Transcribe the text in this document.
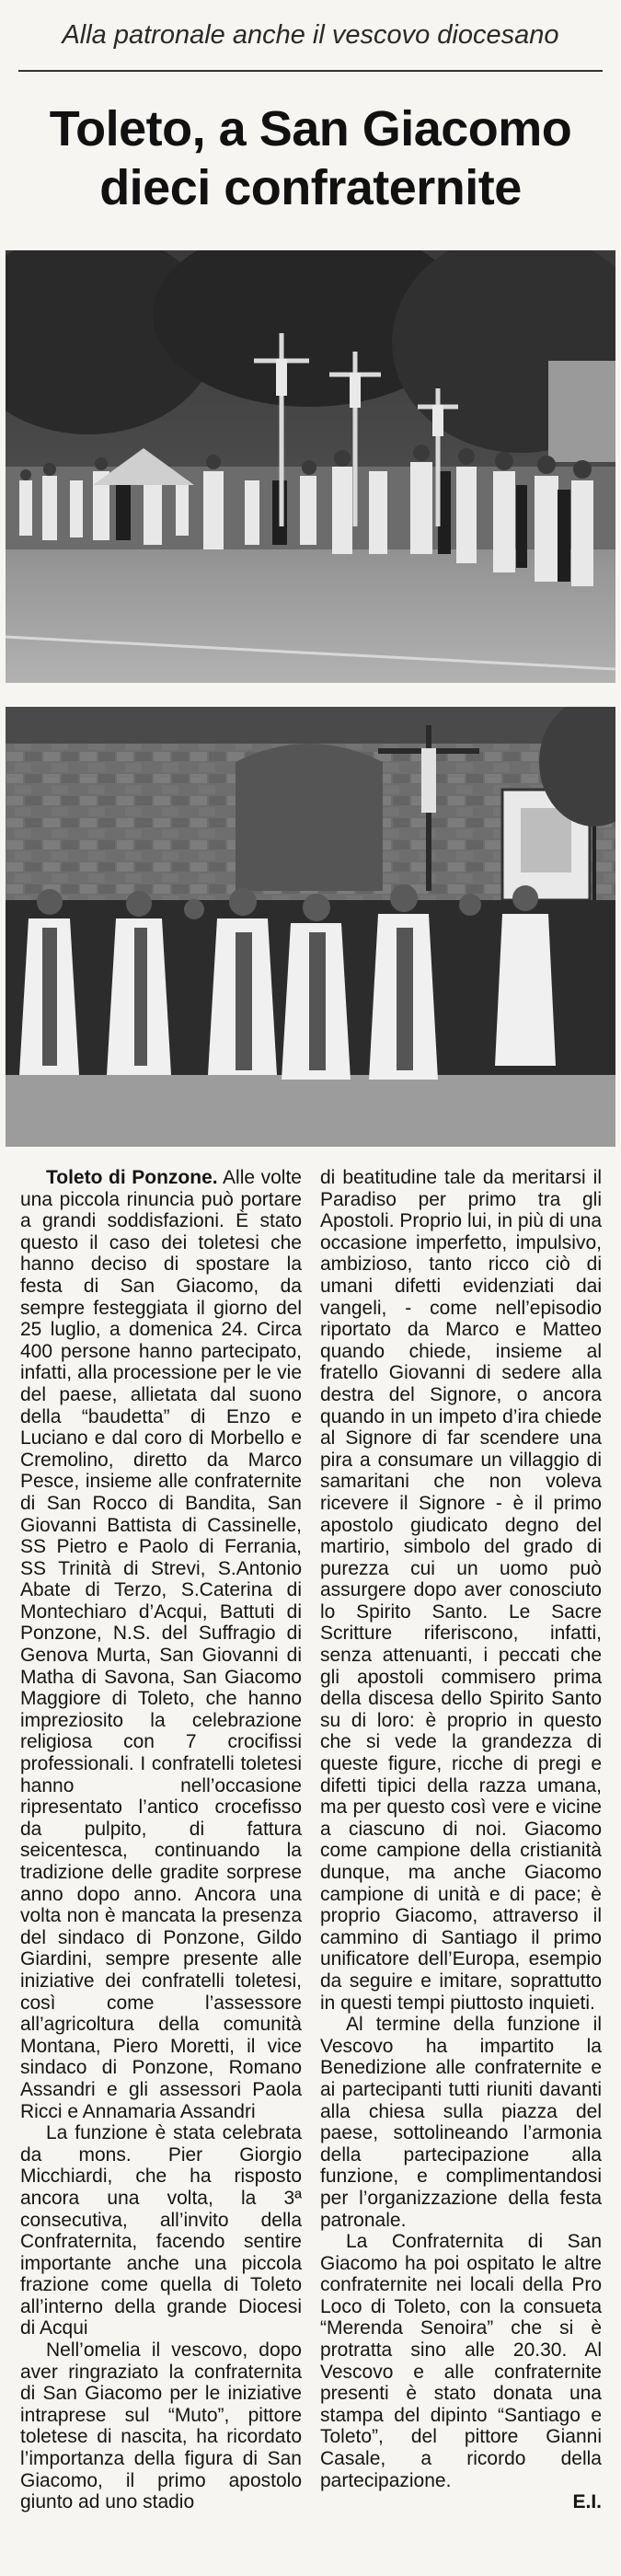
Alla patronale anche il vescovo diocesano
Toleto, a San Giacomo
dieci confraternite

Toleto di Ponzone. Alle volte una piccola rinuncia può portare a grandi soddisfazioni. È stato questo il caso dei toletesi che hanno deciso di spostare la festa di San Giacomo, da sempre festeggiata il giorno del 25 luglio, a domenica 24. Circa 400 persone hanno partecipato, infatti, alla processione per le vie del paese, allietata dal suono della “baudetta” di Enzo e Luciano e dal coro di Morbello e Cremolino, diretto da Marco Pesce, insieme alle confraternite di San Rocco di Bandita, San Giovanni Battista di Cassinelle, SS Pietro e Paolo di Ferrania, SS Trinità di Strevi, S.Antonio Abate di Terzo, S.Caterina di Montechiaro d’Acqui, Battuti di Ponzone, N.S. del Suffragio di Genova Murta, San Giovanni di Matha di Savona, San Giacomo Maggiore di Toleto, che hanno impreziosito la celebrazione religiosa con 7 crocifissi professionali. I confratelli toletesi hanno nell’occasione ripresentato l’antico crocefisso da pulpito, di fattura seicentesca, continuando la tradizione delle gradite sorprese anno dopo anno. Ancora una volta non è mancata la presenza del sindaco di Ponzone, Gildo Giardini, sempre presente alle iniziative dei confratelli toletesi, così come l’assessore all’agricoltura della comunità Montana, Piero Moretti, il vice sindaco di Ponzone, Romano Assandri e gli assessori Paola Ricci e Annamaria Assandri

La funzione è stata celebrata da mons. Pier Giorgio Micchiardi, che ha risposto ancora una volta, la 3ª consecutiva, all’invito della Confraternita, facendo sentire importante anche una piccola frazione come quella di Toleto all’interno della grande Diocesi di Acqui

Nell’omelia il vescovo, dopo aver ringraziato la confraternita di San Giacomo per le iniziative intraprese sul “Muto”, pittore toletese di nascita, ha ricordato l’importanza della figura di San Giacomo, il primo apostolo giunto ad uno stadio

di beatitudine tale da meritarsi il Paradiso per primo tra gli Apostoli. Proprio lui, in più di una occasione imperfetto, impulsivo, ambizioso, tanto ricco ciò di umani difetti evidenziati dai vangeli, - come nell’episodio riportato da Marco e Matteo quando chiede, insieme al fratello Giovanni di sedere alla destra del Signore, o ancora quando in un impeto d’ira chiede al Signore di far scendere una pira a consumare un villaggio di samaritani che non voleva ricevere il Signore - è il primo apostolo giudicato degno del martirio, simbolo del grado di purezza cui un uomo può assurgere dopo aver conosciuto lo Spirito Santo. Le Sacre Scritture riferiscono, infatti, senza attenuanti, i peccati che gli apostoli commisero prima della discesa dello Spirito Santo su di loro: è proprio in questo che si vede la grandezza di queste figure, ricche di pregi e difetti tipici della razza umana, ma per questo così vere e vicine a ciascuno di noi. Giacomo come campione della cristianità dunque, ma anche Giacomo campione di unità e di pace; è proprio Giacomo, attraverso il cammino di Santiago il primo unificatore dell’Europa, esempio da seguire e imitare, soprattutto in questi tempi piuttosto inquieti.

Al termine della funzione il Vescovo ha impartito la Benedizione alle confraternite e ai partecipanti tutti riuniti davanti alla chiesa sulla piazza del paese, sottolineando l’armonia della partecipazione alla funzione, e complimentandosi per l’organizzazione della festa patronale.

La Confraternita di San Giacomo ha poi ospitato le altre confraternite nei locali della Pro Loco di Toleto, con la consueta “Merenda Senoira” che si è protratta sino alle 20.30. Al Vescovo e alle confraternite presenti è stato donata una stampa del dipinto “Santiago e Toleto”, del pittore Gianni Casale, a ricordo della partecipazione.

E.I.
